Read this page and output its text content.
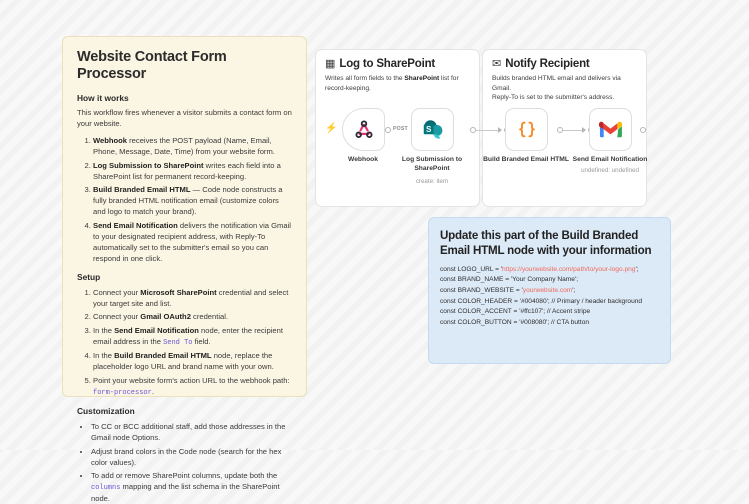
Website Contact Form Processor
How it works
This workflow fires whenever a visitor submits a contact form on your website.
1. Webhook receives the POST payload (Name, Email, Phone, Message, Date, Time) from your website form.
2. Log Submission to SharePoint writes each field into a SharePoint list for permanent record-keeping.
3. Build Branded Email HTML — Code node constructs a fully branded HTML notification email (customize colors and logo to match your brand).
4. Send Email Notification delivers the notification via Gmail to your designated recipient address, with Reply-To automatically set to the submitter's email so you can respond in one click.
Setup
1. Connect your Microsoft SharePoint credential and select your target site and list.
2. Connect your Gmail OAuth2 credential.
3. In the Send Email Notification node, enter the recipient email address in the Send To field.
4. In the Build Branded Email HTML node, replace the placeholder logo URL and brand name with your own.
5. Point your website form's action URL to the webhook path: form-processor.
Customization
• To CC or BCC additional staff, add those addresses in the Gmail node Options.
• Adjust brand colors in the Code node (search for the hex color values).
• To add or remove SharePoint columns, update both the columns mapping and the list schema in the SharePoint node.
▦ Log to SharePoint
Writes all form fields to the SharePoint list for record-keeping.
✉ Notify Recipient
Builds branded HTML email and delivers via Gmail.
Reply-To is set to the submitter's address.
⚡	POST
Webhook
S
Log Submission to SharePoint
create: item
Build Branded Email HTML Send Email Notification
undefined: undefined
Update this part of the Build Branded Email HTML node with your information
const LOGO_URL = 'https://yourwebsite.com/path/to/your-logo.png';
const BRAND_NAME = 'Your Company Name';
const BRAND_WEBSITE = 'yourwebsite.com';
const COLOR_HEADER = '#004080'; // Primary / header background
const COLOR_ACCENT = '#ffc107'; // Accent stripe
const COLOR_BUTTON = '#008080'; // CTA button
